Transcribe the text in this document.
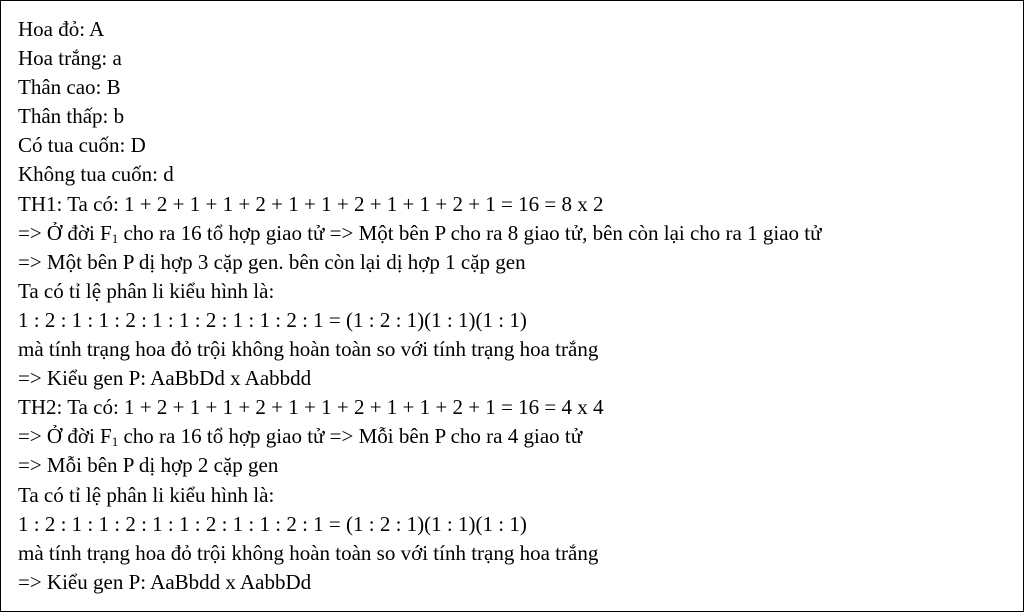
Hoa đỏ: A
Hoa trắng: a
Thân cao: B
Thân thấp: b
Có tua cuốn: D
Không tua cuốn: d
TH1: Ta có: 1 + 2 + 1 + 1 + 2 + 1 + 1 + 2 + 1 + 1 + 2 + 1 = 16 = 8 x 2
=> Ở đời $F_1$ cho ra 16 tổ hợp giao tử => Một bên P cho ra 8 giao tử, bên còn lại cho ra 1 giao tử
=> Một bên P dị hợp 3 cặp gen. bên còn lại dị hợp 1 cặp gen
Ta có tỉ lệ phân li kiểu hình là:
1 : 2 : 1 : 1 : 2 : 1 : 1 : 2 : 1 : 1 : 2 : 1 = (1 : 2 : 1)(1 : 1)(1 : 1)
mà tính trạng hoa đỏ trội không hoàn toàn so với tính trạng hoa trắng
=> Kiểu gen P: AaBbDd x Aabbdd
TH2: Ta có: 1 + 2 + 1 + 1 + 2 + 1 + 1 + 2 + 1 + 1 + 2 + 1 = 16 = 4 x 4
=> Ở đời $F_1$ cho ra 16 tổ hợp giao tử => Mỗi bên P cho ra 4 giao tử
=> Mỗi bên P dị hợp 2 cặp gen
Ta có tỉ lệ phân li kiểu hình là:
1 : 2 : 1 : 1 : 2 : 1 : 1 : 2 : 1 : 1 : 2 : 1 = (1 : 2 : 1)(1 : 1)(1 : 1)
mà tính trạng hoa đỏ trội không hoàn toàn so với tính trạng hoa trắng
=> Kiểu gen P: AaBbdd x AabbDd
